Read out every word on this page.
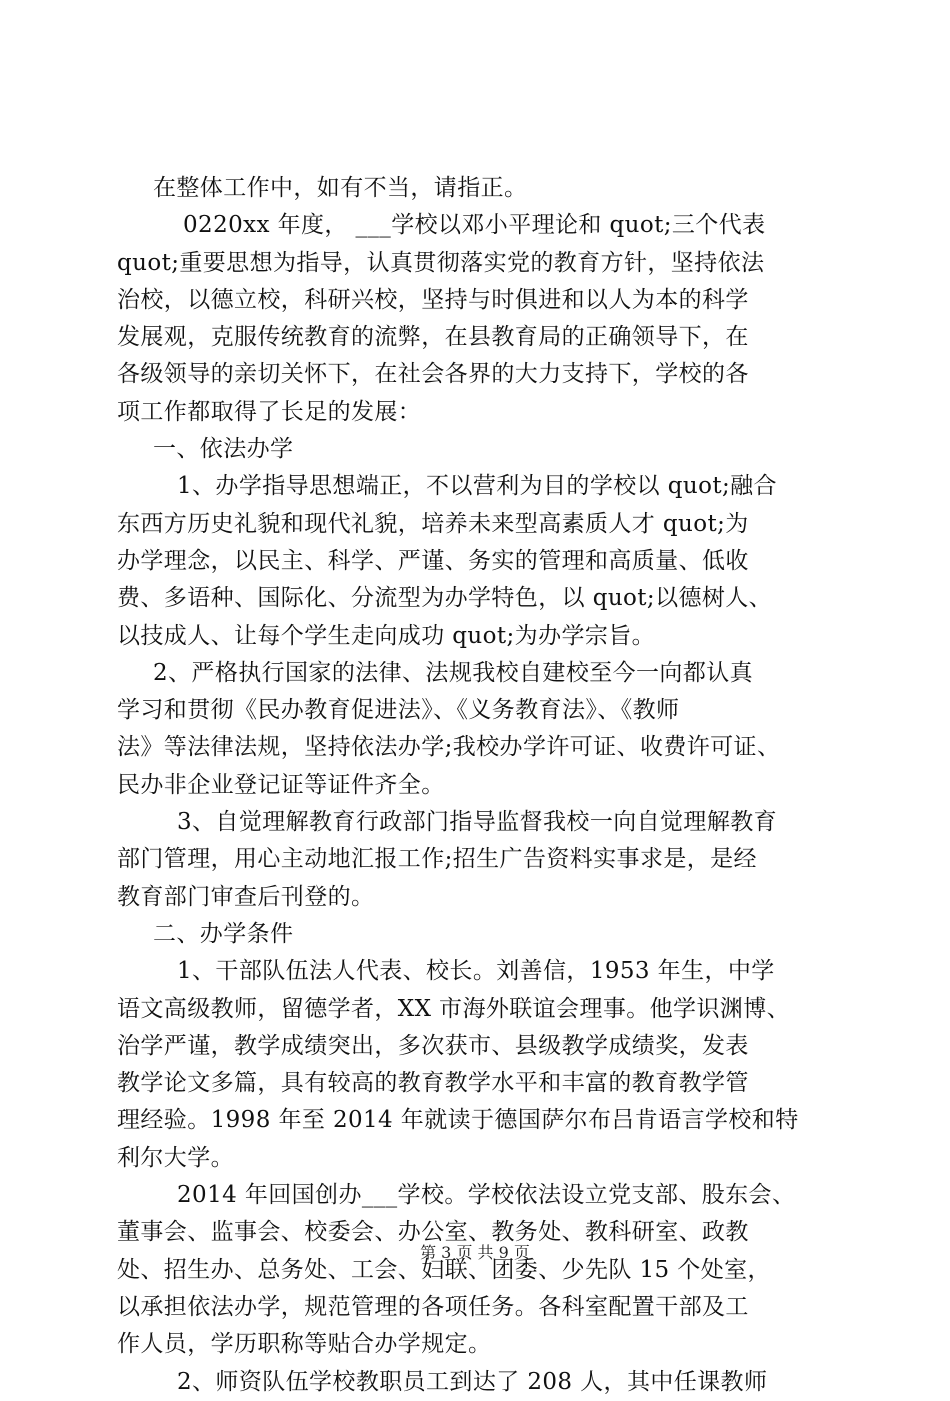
在整体工作中，如有不当，请指正。
0220xx 年度， ___学校以邓小平理论和 quot;三个代表
quot;重要思想为指导，认真贯彻落实党的教育方针，坚持依法
治校，以德立校，科研兴校，坚持与时俱进和以人为本的科学
发展观，克服传统教育的流弊，在县教育局的正确领导下，在
各级领导的亲切关怀下，在社会各界的大力支持下，学校的各
项工作都取得了长足的发展：
一、依法办学
1、办学指导思想端正，不以营利为目的学校以 quot;融合
东西方历史礼貌和现代礼貌，培养未来型高素质人才 quot;为
办学理念，以民主、科学、严谨、务实的管理和高质量、低收
费、多语种、国际化、分流型为办学特色，以 quot;以德树人、
以技成人、让每个学生走向成功 quot;为办学宗旨。
2、严格执行国家的法律、法规我校自建校至今一向都认真
学习和贯彻《民办教育促进法》、《义务教育法》、《教师
法》等法律法规，坚持依法办学;我校办学许可证、收费许可证、
民办非企业登记证等证件齐全。
3、自觉理解教育行政部门指导监督我校一向自觉理解教育
部门管理，用心主动地汇报工作;招生广告资料实事求是，是经
教育部门审查后刊登的。
二、办学条件
1、干部队伍法人代表、校长。刘善信，1953 年生，中学
语文高级教师，留德学者，XX 市海外联谊会理事。他学识渊博、
治学严谨，教学成绩突出，多次获市、县级教学成绩奖，发表
教学论文多篇，具有较高的教育教学水平和丰富的教育教学管
理经验。1998 年至 2014 年就读于德国萨尔布吕肯语言学校和特
利尔大学。
2014 年回国创办___学校。学校依法设立党支部、股东会、
董事会、监事会、校委会、办公室、教务处、教科研室、政教
处、招生办、总务处、工会、妇联、团委、少先队 15 个处室，
以承担依法办学，规范管理的各项任务。各科室配置干部及工
作人员，学历职称等贴合办学规定。
2、师资队伍学校教职员工到达了 208 人，其中任课教师
第 3 页 共 9 页
